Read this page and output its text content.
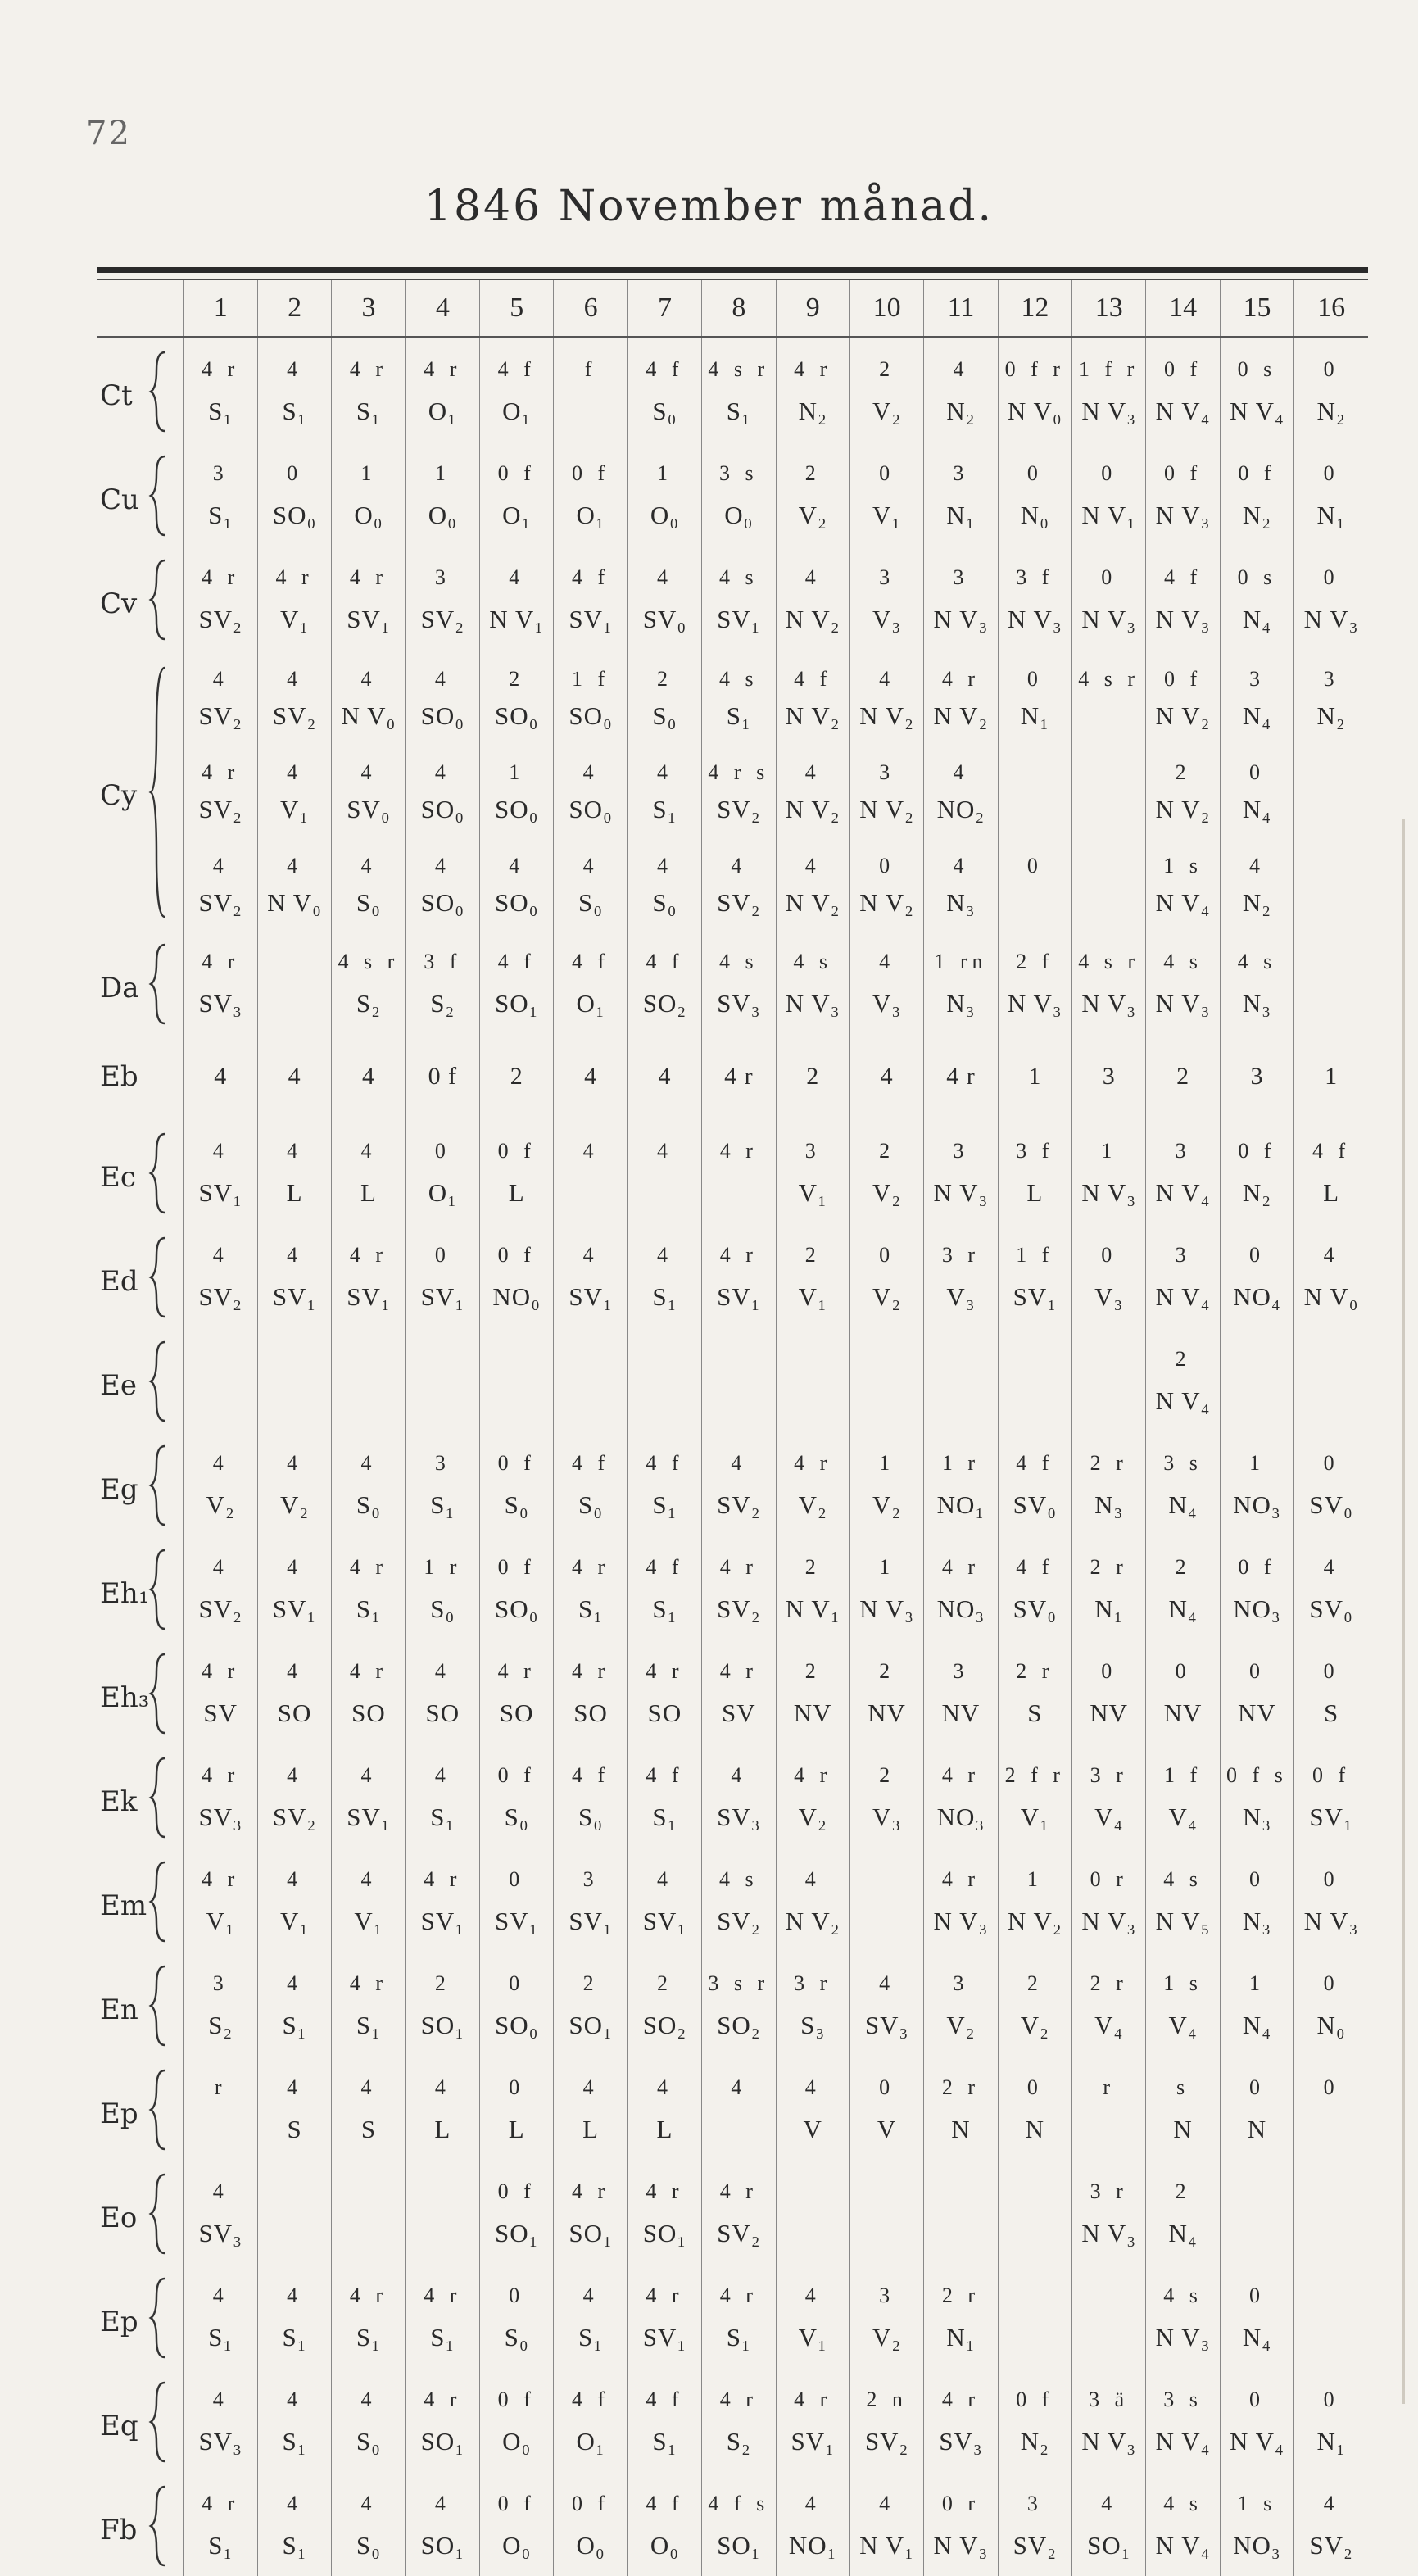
72
1846 November månad.
		1	2	3	4	5	6	7	8	9	10	11	12	13	14	15	16
Ct		4 r	4	4 r	4 r	4 f	f	4 f	4 s r	4 r	2	4	0 f r	1 f r	0 f	0 s	0
		S₁	S₁	S₁	O₁	O₁		S₀	S₁	N₂	V₂	N₂	N V₀	N V₃	N V₄	N V₄	N₂
Cu		3	0	1	1	0 f	0 f	1	3 s	2	0	3	0	0	0 f	0 f	0
		S₁	SO₀	O₀	O₀	O₁	O₁	O₀	O₀	V₂	V₁	N₁	N₀	N V₁	N V₃	N₂	N₁
Cv		4 r	4 r	4 r	3	4	4 f	4	4 s	4	3	3	3 f	0	4 f	0 s	0
		SV₂	V₁	SV₁	SV₂	N V₁	SV₁	SV₀	SV₁	N V₂	V₃	N V₃	N V₃	N V₃	N V₃	N₄	N V₃
Cy		4	4	4	4	2	1 f	2	4 s	4 f	4	4 r	0	4 s r	0 f	3	3
		SV₂	SV₂	N V₀	SO₀	SO₀	SO₀	S₀	S₁	N V₂	N V₂	N V₂	N₁		N V₂	N₄	N₂
		4 r	4	4	4	1	4	4	4 r s	4	3	4			2	0	
		SV₂	V₁	SV₀	SO₀	SO₀	SO₀	S₁	SV₂	N V₂	N V₂	NO₂			N V₂	N₄	
		4	4	4	4	4	4	4	4	4	0	4	0		1 s	4	
		SV₂	N V₀	S₀	SO₀	SO₀	S₀	S₀	SV₂	N V₂	N V₂	N₃			N V₄	N₂	
Da		4 r		4 s r	3 f	4 f	4 f	4 f	4 s	4 s	4	1 rn	2 f	4 s r	4 s	4 s	
		SV₃		S₂	S₂	SO₁	O₁	SO₂	SV₃	N V₃	V₃	N₃	N V₃	N V₃	N V₃	N₃	
Eb		4	4	4	0 f	2	4	4	4 r	2	4	4 r	1	3	2	3	1
Ec		4	4	4	0	0 f	4	4	4 r	3	2	3	3 f	1	3	0 f	4 f
		SV₁	L	L	O₁	L				V₁	V₂	N V₃	L	N V₃	N V₄	N₂	L
Ed		4	4	4 r	0	0 f	4	4	4 r	2	0	3 r	1 f	0	3	0	4
		SV₂	SV₁	SV₁	SV₁	NO₀	SV₁	S₁	SV₁	V₁	V₂	V₃	SV₁	V₃	N V₄	NO₄	N V₀
Ee															2		
															N V₄		
Eg		4	4	4	3	0 f	4 f	4 f	4	4 r	1	1 r	4 f	2 r	3 s	1	0
		V₂	V₂	S₀	S₁	S₀	S₀	S₁	SV₂	V₂	V₂	NO₁	SV₀	N₃	N₄	NO₃	SV₀
Eh₁		4	4	4 r	1 r	0 f	4 r	4 f	4 r	2	1	4 r	4 f	2 r	2	0 f	4
		SV₂	SV₁	S₁	S₀	SO₀	S₁	S₁	SV₂	N V₁	N V₃	NO₃	SV₀	N₁	N₄	NO₃	SV₀
Eh₃		4 r	4	4 r	4	4 r	4 r	4 r	4 r	2	2	3	2 r	0	0	0	0
		SV	SO	SO	SO	SO	SO	SO	SV	NV	NV	NV	S	NV	NV	NV	S
Ek		4 r	4	4	4	0 f	4 f	4 f	4	4 r	2	4 r	2 f r	3 r	1 f	0 f s	0 f
		SV₃	SV₂	SV₁	S₁	S₀	S₀	S₁	SV₃	V₂	V₃	NO₃	V₁	V₄	V₄	N₃	SV₁
Em		4 r	4	4	4 r	0	3	4	4 s	4		4 r	1	0 r	4 s	0	0
		V₁	V₁	V₁	SV₁	SV₁	SV₁	SV₁	SV₂	N V₂		N V₃	N V₂	N V₃	N V₅	N₃	N V₃
En		3	4	4 r	2	0	2	2	3 s r	3 r	4	3	2	2 r	1 s	1	0
		S₂	S₁	S₁	SO₁	SO₀	SO₁	SO₂	SO₂	S₃	SV₃	V₂	V₂	V₄	V₄	N₄	N₀
Ep		r	4	4	4	0	4	4	4	4	0	2 r	0	r	s	0	0
			S	S	L	L	L	L		V	V	N	N		N	N	
Eo		4				0 f	4 r	4 r	4 r					3 r	2		
		SV₃				SO₁	SO₁	SO₁	SV₂					N V₃	N₄		
Ep		4	4	4 r	4 r	0	4	4 r	4 r	4	3	2 r			4 s	0	
		S₁	S₁	S₁	S₁	S₀	S₁	SV₁	S₁	V₁	V₂	N₁			N V₃	N₄	
Eq		4	4	4	4 r	0 f	4 f	4 f	4 r	4 r	2 n	4 r	0 f	3 ä	3 s	0	0
		SV₃	S₁	S₀	SO₁	O₀	O₁	S₁	S₂	SV₁	SV₂	SV₃	N₂	N V₃	N V₄	N V₄	N₁
Fb		4 r	4	4	4	0 f	0 f	4 f	4 f s	4	4	0 r	3	4	4 s	1 s	4
		S₁	S₁	S₀	SO₁	O₀	O₀	O₀	SO₁	NO₁	N V₁	N V₃	SV₂	SO₁	N V₄	NO₃	SV₂
